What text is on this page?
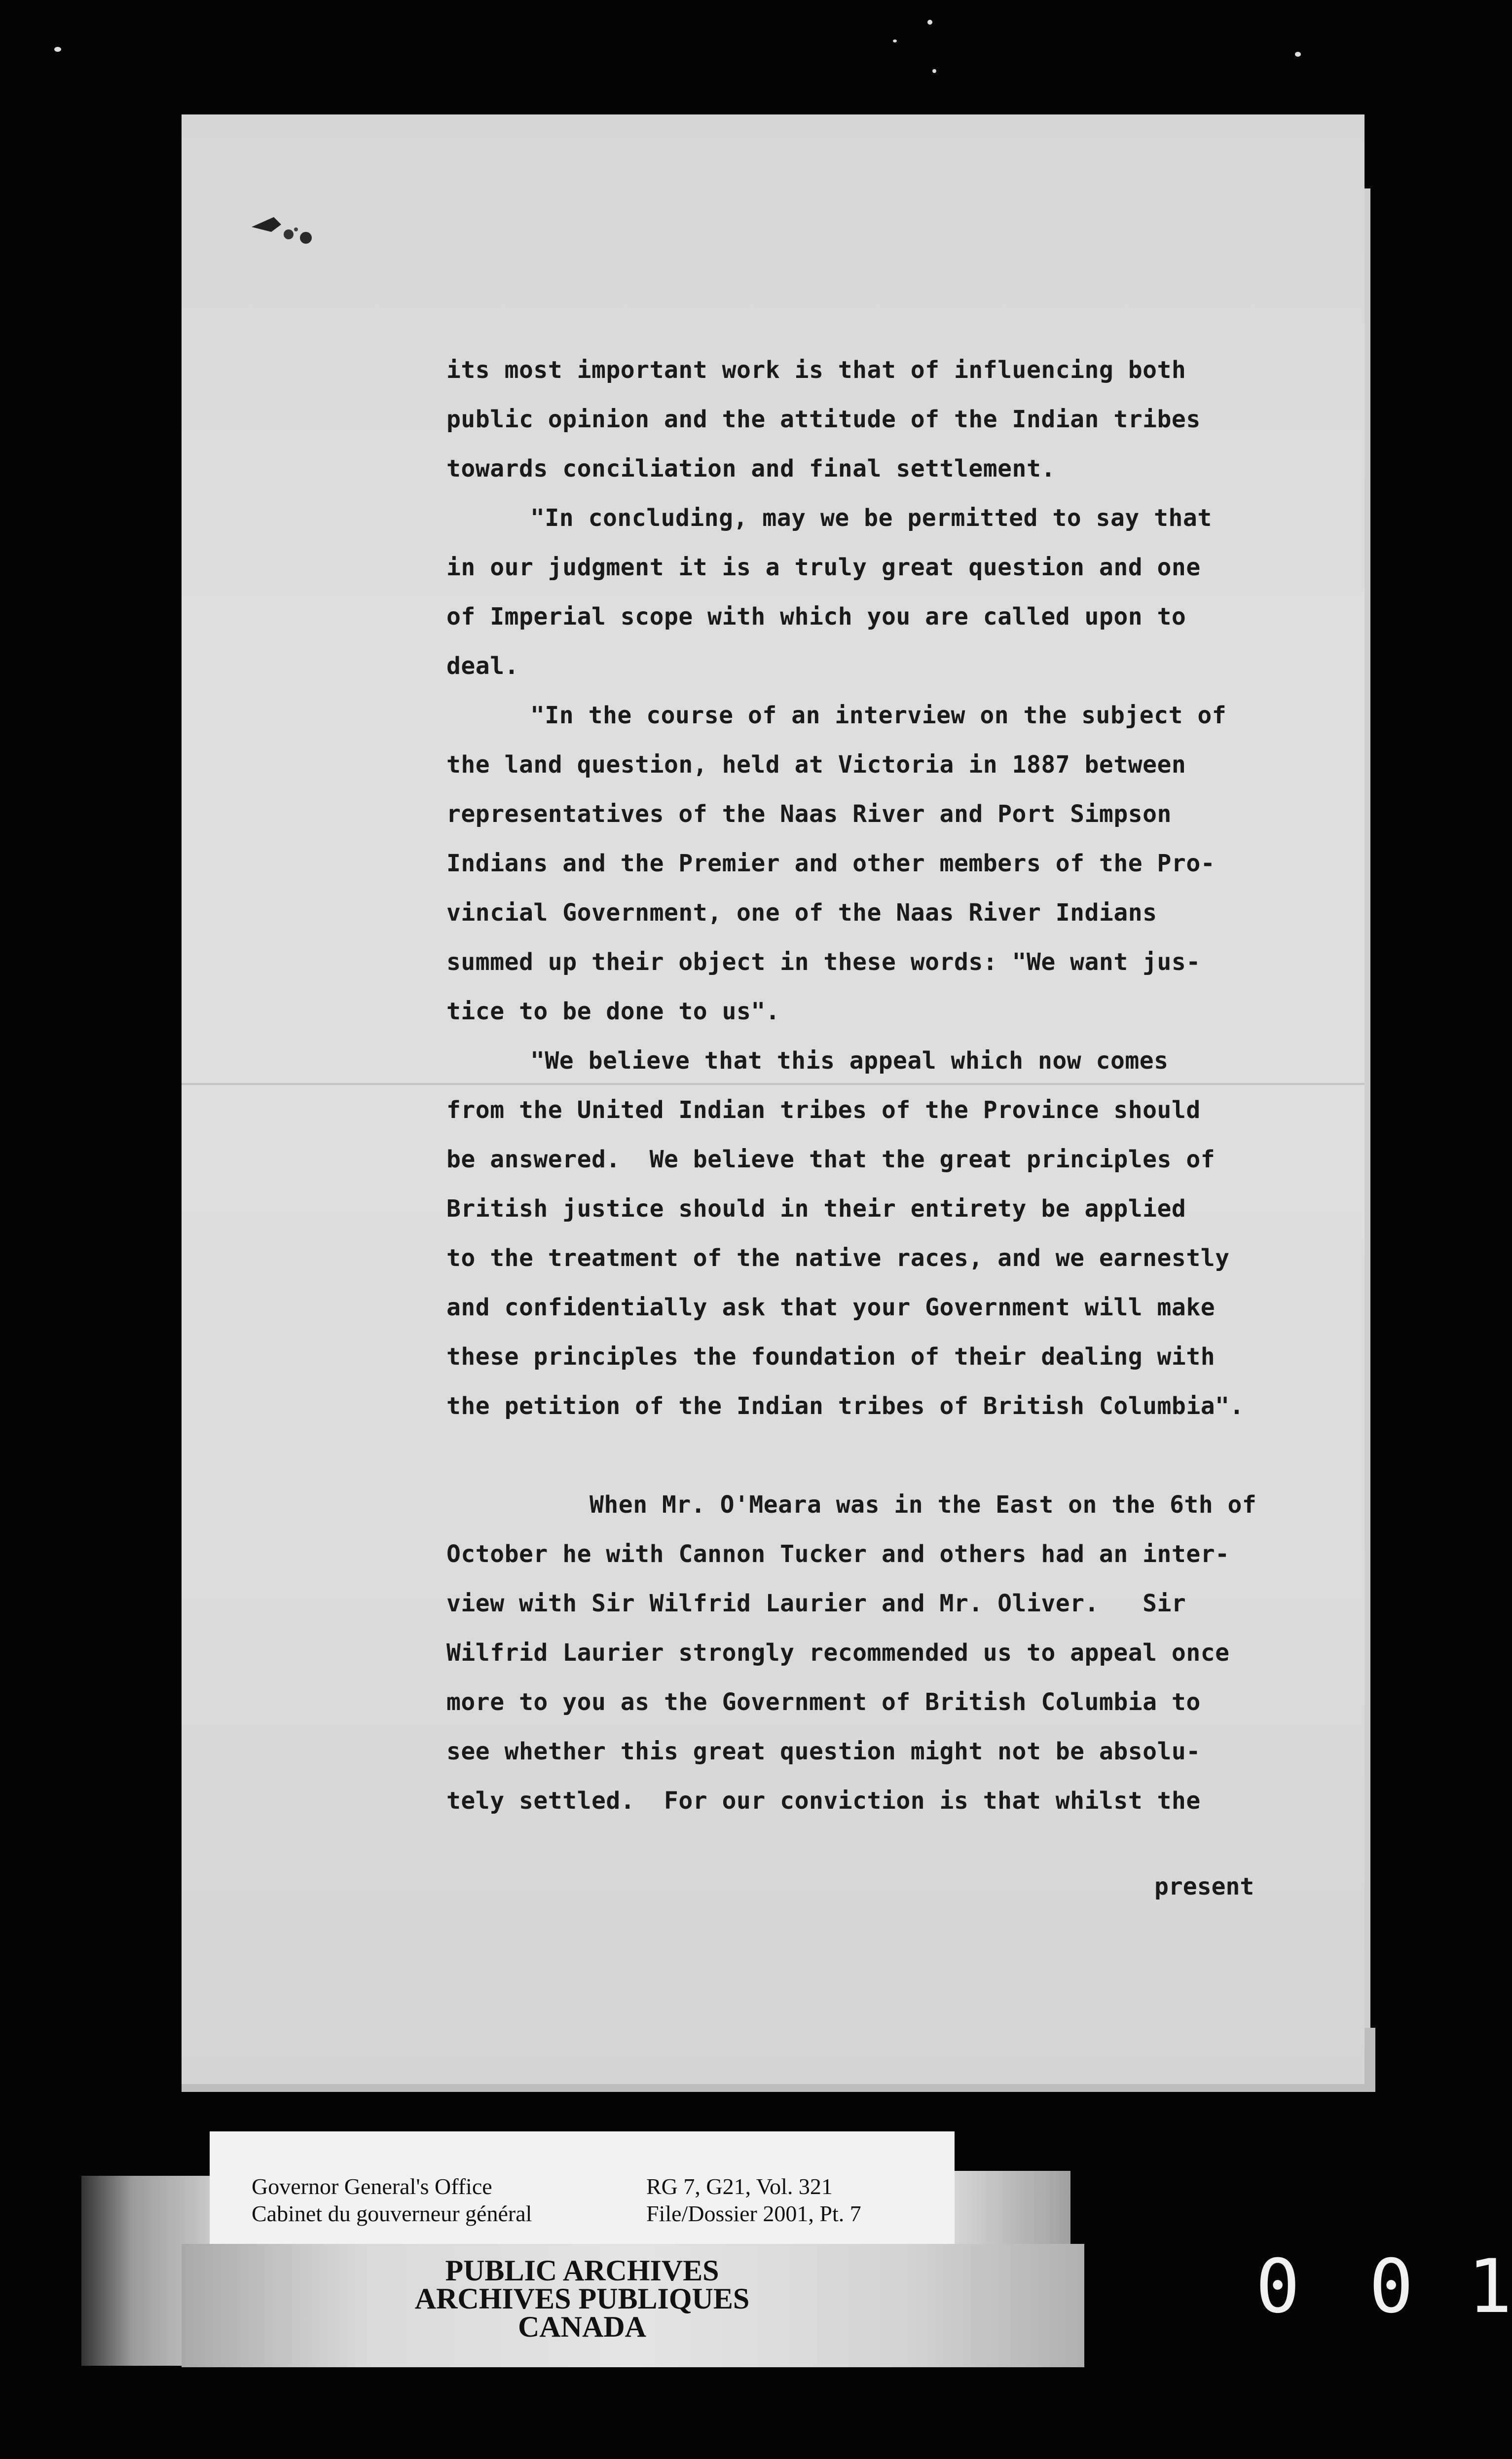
its most important work is that of influencing both
public opinion and the attitude of the Indian tribes
towards conciliation and final settlement.
"In concluding, may we be permitted to say that
in our judgment it is a truly great question and one
of Imperial scope with which you are called upon to
deal.
"In the course of an interview on the subject of
the land question, held at Victoria in 1887 between
representatives of the Naas River and Port Simpson
Indians and the Premier and other members of the Pro-
vincial Government, one of the Naas River Indians
summed up their object in these words: "We want jus-
tice to be done to us".
"We believe that this appeal which now comes
from the United Indian tribes of the Province should
be answered.  We believe that the great principles of
British justice should in their entirety be applied
to the treatment of the native races, and we earnestly
and confidentially ask that your Government will make
these principles the foundation of their dealing with
the petition of the Indian tribes of British Columbia".
When Mr. O'Meara was in the East on the 6th of
October he with Cannon Tucker and others had an inter-
view with Sir Wilfrid Laurier and Mr. Oliver.   Sir
Wilfrid Laurier strongly recommended us to appeal once
more to you as the Government of British Columbia to
see whether this great question might not be absolu-
tely settled.  For our conviction is that whilst the
present
Governor General's Office
Cabinet du gouverneur général
RG 7, G21, Vol. 321
File/Dossier 2001, Pt. 7
PUBLIC ARCHIVES
ARCHIVES PUBLIQUES
CANADA	0 0 1
